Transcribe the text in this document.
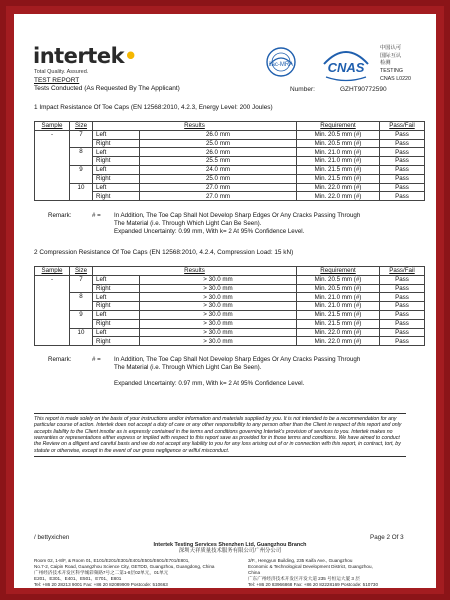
intertek•
Total Quality. Assured.
TEST REPORT
Tests Conducted (As Requested By The Applicant)
ilac-MRA	CNAS
中国认可
国际互认
检测
TESTING
CNAS L0220
Number:	GZHT90772590
1 Impact Resistance Of Toe Caps (EN 12568:2010, 4.2.3, Energy Level: 200 Joules)
Sample	Size	Results		Requirement	Pass/Fail
-	7	Left	26.0 mm	Min. 20.5 mm (#)	Pass
		Right	25.0 mm	Min. 20.5 mm (#)	Pass
	8	Left	26.0 mm	Min. 21.0 mm (#)	Pass
		Right	25.5 mm	Min. 21.0 mm (#)	Pass
	9	Left	24.0 mm	Min. 21.5 mm (#)	Pass
		Right	25.0 mm	Min. 21.5 mm (#)	Pass
	10	Left	27.0 mm	Min. 22.0 mm (#)	Pass
		Right	27.0 mm	Min. 22.0 mm (#)	Pass
Remark:	# = In Addition, The Toe Cap Shall Not Develop Sharp Edges Or Any Cracks Passing Through
The Material (i.e. Through Which Light Can Be Seen).
Expanded Uncertainty: 0.99 mm, With k= 2 At 95% Confidence Level.
2 Compression Resistance Of Toe Caps (EN 12568:2010, 4.2.4, Compression Load: 15 kN)
Sample	Size	Results		Requirement	Pass/Fail
-	7	Left	> 30.0 mm	Min. 20.5 mm (#)	Pass
		Right	> 30.0 mm	Min. 20.5 mm (#)	Pass
	8	Left	> 30.0 mm	Min. 21.0 mm (#)	Pass
		Right	> 30.0 mm	Min. 21.0 mm (#)	Pass
	9	Left	> 30.0 mm	Min. 21.5 mm (#)	Pass
		Right	> 30.0 mm	Min. 21.5 mm (#)	Pass
	10	Left	> 30.0 mm	Min. 22.0 mm (#)	Pass
		Right	> 30.0 mm	Min. 22.0 mm (#)	Pass
Remark:	# = In Addition, The Toe Cap Shall Not Develop Sharp Edges Or Any Cracks Passing Through
The Material (i.e. Through Which Light Can Be Seen).
Expanded Uncertainty: 0.97 mm, With k= 2 At 95% Confidence Level.
This report is made solely on the basis of your instructions and/or information and materials supplied by you. It is not intended to be a recommendation for any particular course of action. Intertek does not accept a duty of care or any other responsibility to any person other than the Client in respect of this report and only accepts liability to the Client insofar as is expressly contained in the terms and conditions governing Intertek's provision of services to you. Intertek makes no warranties or representations either express or implied with respect to this report save as provided for in those terms and conditions. We have aimed to conduct the Review on a diligent and careful basis and we do not accept any liability to you for any loss arising out of or in connection with this report, in contract, tort, by statute or otherwise, except in the event of our gross negligence or wilful misconduct.
/ bettyxichen	Page 2 Of 3
Intertek Testing Services Shenzhen Ltd, Guangzhou Branch
深圳天祥质量技术服务有限公司广州分公司
Room 02, 1-8/F, & Room 01, E101/E201/E301/E401/E501/E601/E701/E801,
No.7-2, Caipin Road, Guangzhou Science City, GETDD, Guangzhou, Guangdong, China
广州经济技术开发区科学城彩频路7号之二第1-8层02单元，01单元
E201、E301、E401、E501、E701、E801
Tel: +86 20 28213 9001 Fax: +86 20 82089909 Postcode: 510663
3/F., Hengyun Building, 235 Kaifa Ave., Guangzhou
Economic & Technological Development District, Guangzhou,
China
广东广州经济技术开发区开发大道 235 号恒运大厦 3 层
Tel: +86 20 83966868 Fax: +86 20 82228169 Postcode: 510730
